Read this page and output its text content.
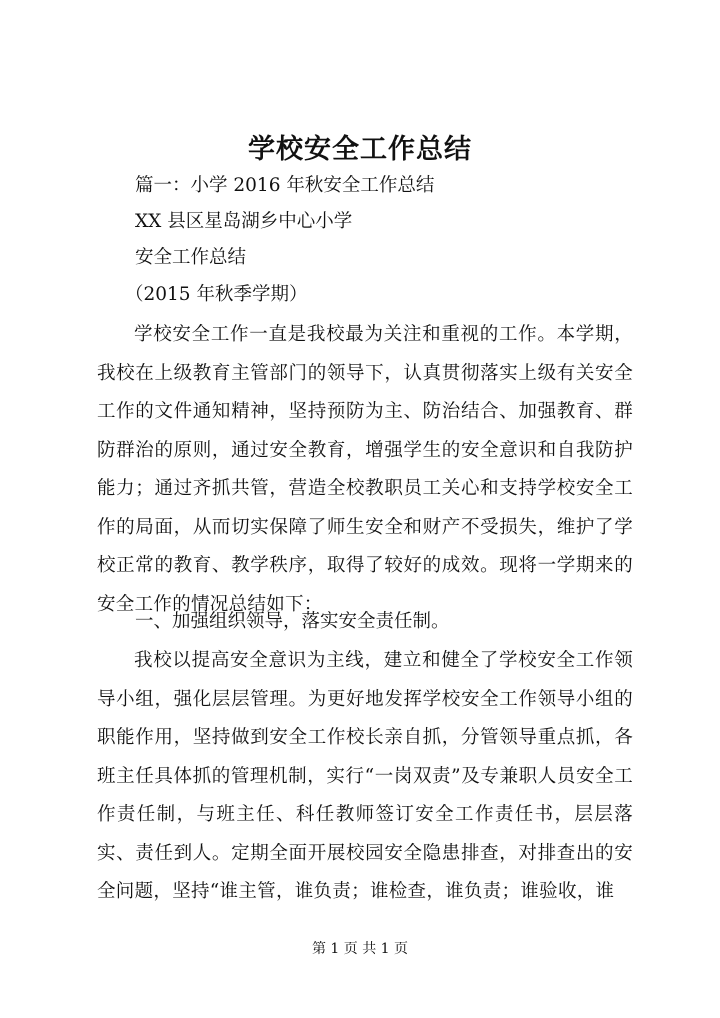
学校安全工作总结
篇一：小学 2016 年秋安全工作总结
XX 县区星岛湖乡中心小学
安全工作总结
（2015 年秋季学期）

学校安全工作一直是我校最为关注和重视的工作。本学期，我校在上级教育主管部门的领导下，认真贯彻落实上级有关安全工作的文件通知精神，坚持预防为主、防治结合、加强教育、群防群治的原则，通过安全教育，增强学生的安全意识和自我防护能力；通过齐抓共管，营造全校教职员工关心和支持学校安全工作的局面，从而切实保障了师生安全和财产不受损失，维护了学校正常的教育、教学秩序，取得了较好的成效。现将一学期来的安全工作的情况总结如下：

一、加强组织领导，落实安全责任制。

我校以提高安全意识为主线，建立和健全了学校安全工作领导小组，强化层层管理。为更好地发挥学校安全工作领导小组的职能作用，坚持做到安全工作校长亲自抓，分管领导重点抓，各班主任具体抓的管理机制，实行“一岗双责”及专兼职人员安全工作责任制，与班主任、科任教师签订安全工作责任书，层层落实、责任到人。定期全面开展校园安全隐患排查，对排查出的安全问题，坚持“谁主管，谁负责；谁检查，谁负责；谁验收，谁

第 1 页 共 1 页
